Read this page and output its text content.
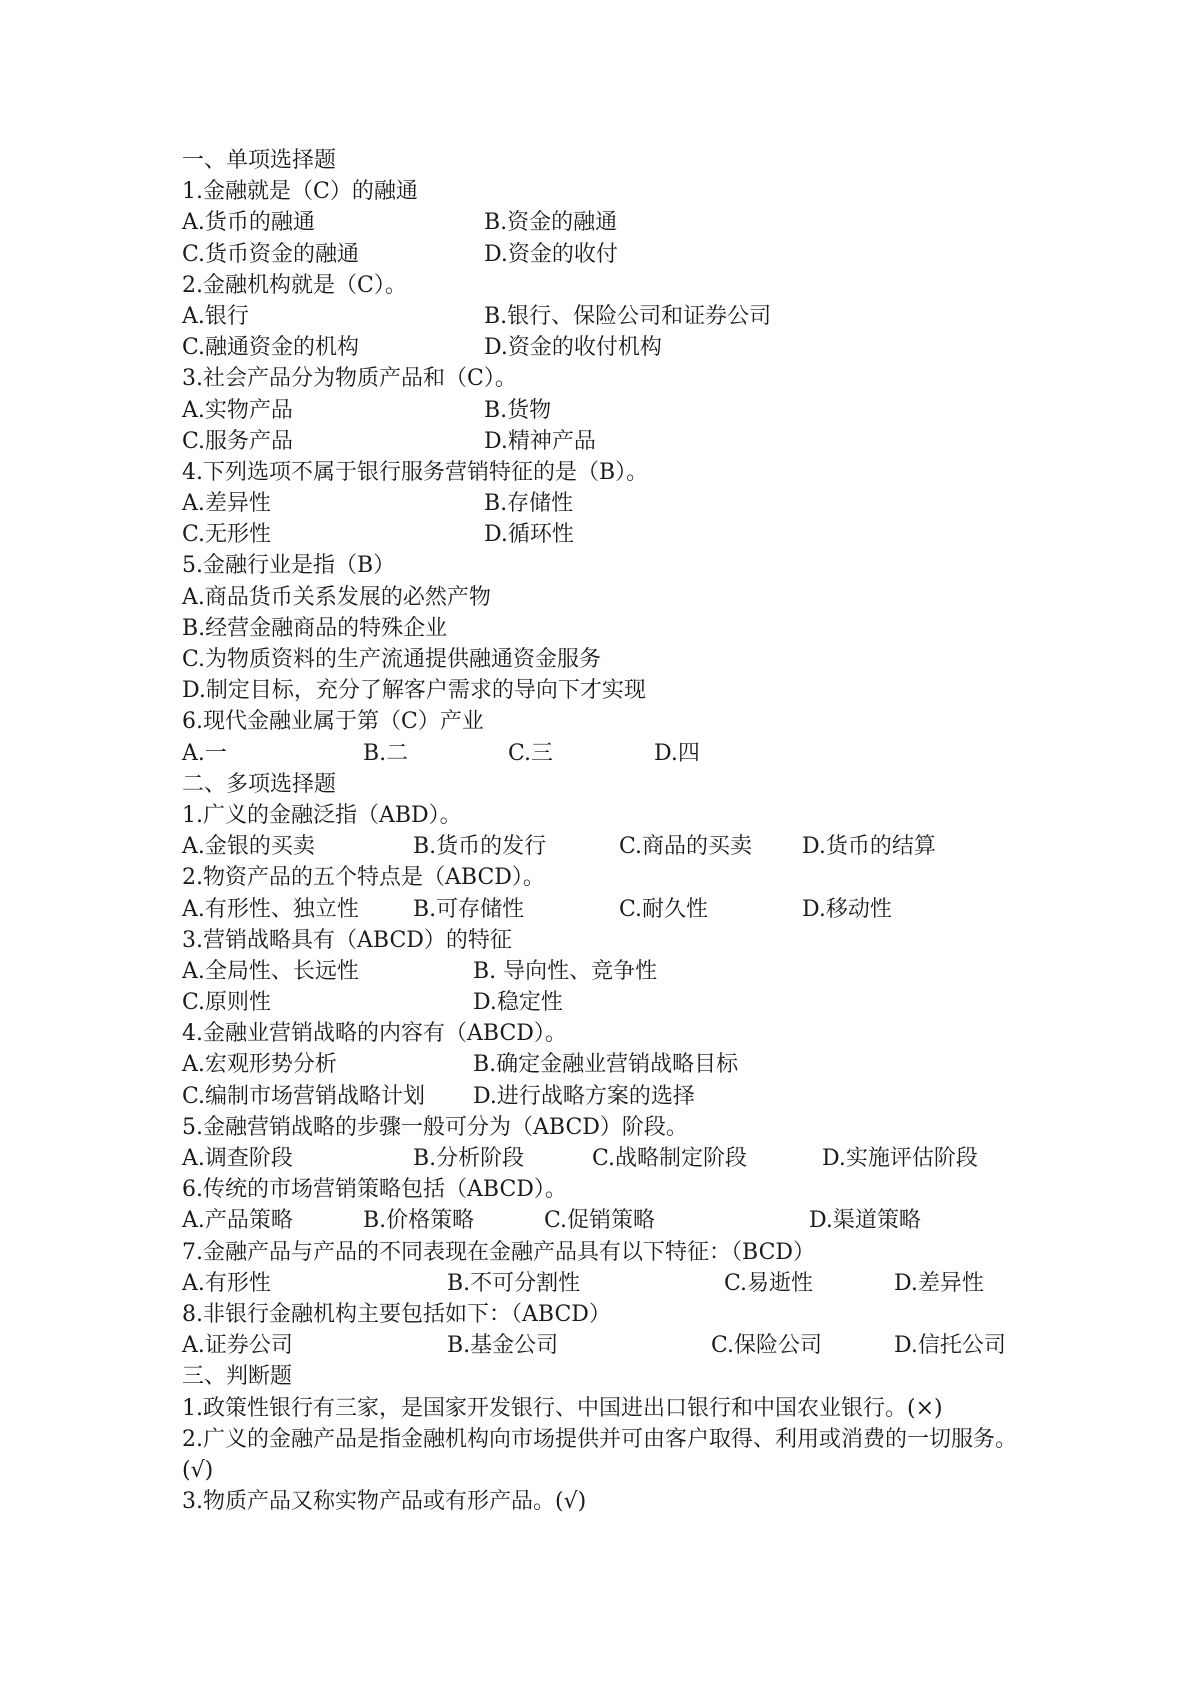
一、单项选择题
1.金融就是（C）的融通
A.货币的融通	B.资金的融通
C.货币资金的融通	D.资金的收付
2.金融机构就是（C）。
A.银行	B.银行、保险公司和证券公司
C.融通资金的机构	D.资金的收付机构
3.社会产品分为物质产品和（C）。
A.实物产品	B.货物
C.服务产品	D.精神产品
4.下列选项不属于银行服务营销特征的是（B）。
A.差异性	B.存储性
C.无形性	D.循环性
5.金融行业是指（B）
A.商品货币关系发展的必然产物
B.经营金融商品的特殊企业
C.为物质资料的生产流通提供融通资金服务
D.制定目标，充分了解客户需求的导向下才实现
6.现代金融业属于第（C）产业
A.一	B.二	C.三	D.四
二、多项选择题
1.广义的金融泛指（ABD）。
A.金银的买卖	B.货币的发行	C.商品的买卖 D.货币的结算
2.物资产品的五个特点是（ABCD）。
A.有形性、独立性 B.可存储性	C.耐久性	D.移动性
3.营销战略具有（ABCD）的特征
A.全局性、长远性	B. 导向性、竞争性
C.原则性	D.稳定性
4.金融业营销战略的内容有（ABCD）。
A.宏观形势分析	B.确定金融业营销战略目标
C.编制市场营销战略计划 D.进行战略方案的选择
5.金融营销战略的步骤一般可分为（ABCD）阶段。
A.调查阶段	B.分析阶段	C.战略制定阶段	D.实施评估阶段
6.传统的市场营销策略包括（ABCD）。
A.产品策略	B.价格策略	C.促销策略	D.渠道策略
7.金融产品与产品的不同表现在金融产品具有以下特征：（BCD）
A.有形性	B.不可分割性	C.易逝性	D.差异性
8.非银行金融机构主要包括如下：（ABCD）
A.证券公司	B.基金公司	C.保险公司	D.信托公司
三、判断题
1.政策性银行有三家，是国家开发银行、中国进出口银行和中国农业银行。(×)
2.广义的金融产品是指金融机构向市场提供并可由客户取得、利用或消费的一切服务。(√)
3.物质产品又称实物产品或有形产品。(√)
